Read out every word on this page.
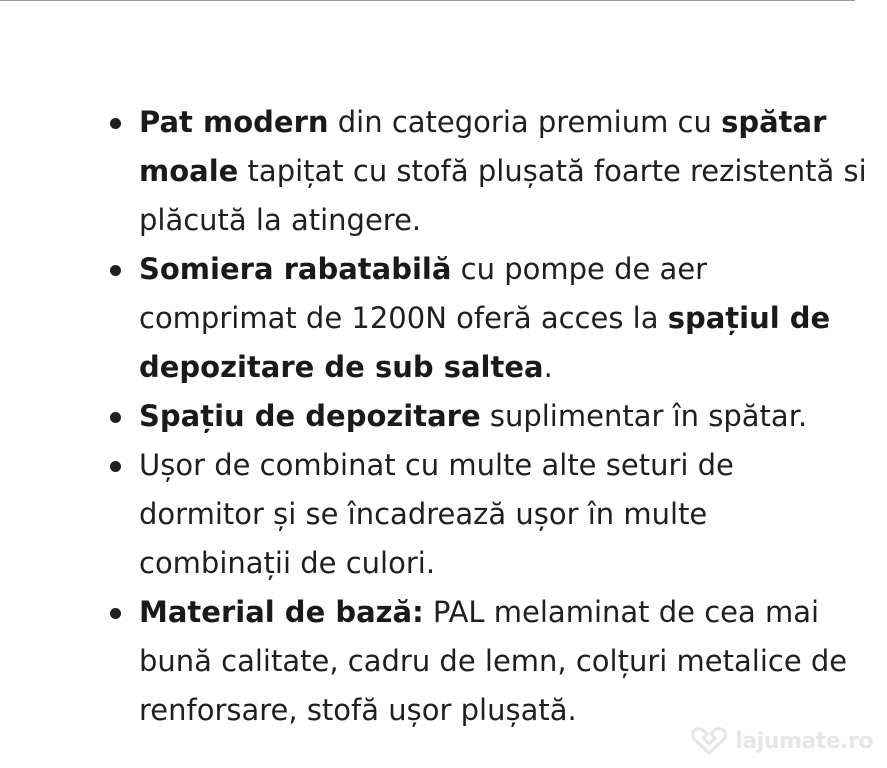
Pat modern din categoria premium cu spătar moale tapițat cu stofă plușată foarte rezistentă si plăcută la atingere.
Somiera rabatabilă cu pompe de aer comprimat de 1200N oferă acces la spațiul de depozitare de sub saltea.
Spațiu de depozitare suplimentar în spătar.
Ușor de combinat cu multe alte seturi de dormitor și se încadrează ușor în multe combinații de culori.
Material de bază: PAL melaminat de cea mai bună calitate, cadru de lemn, colțuri metalice de renforsare, stofă ușor plușată.
lajumate.ro
